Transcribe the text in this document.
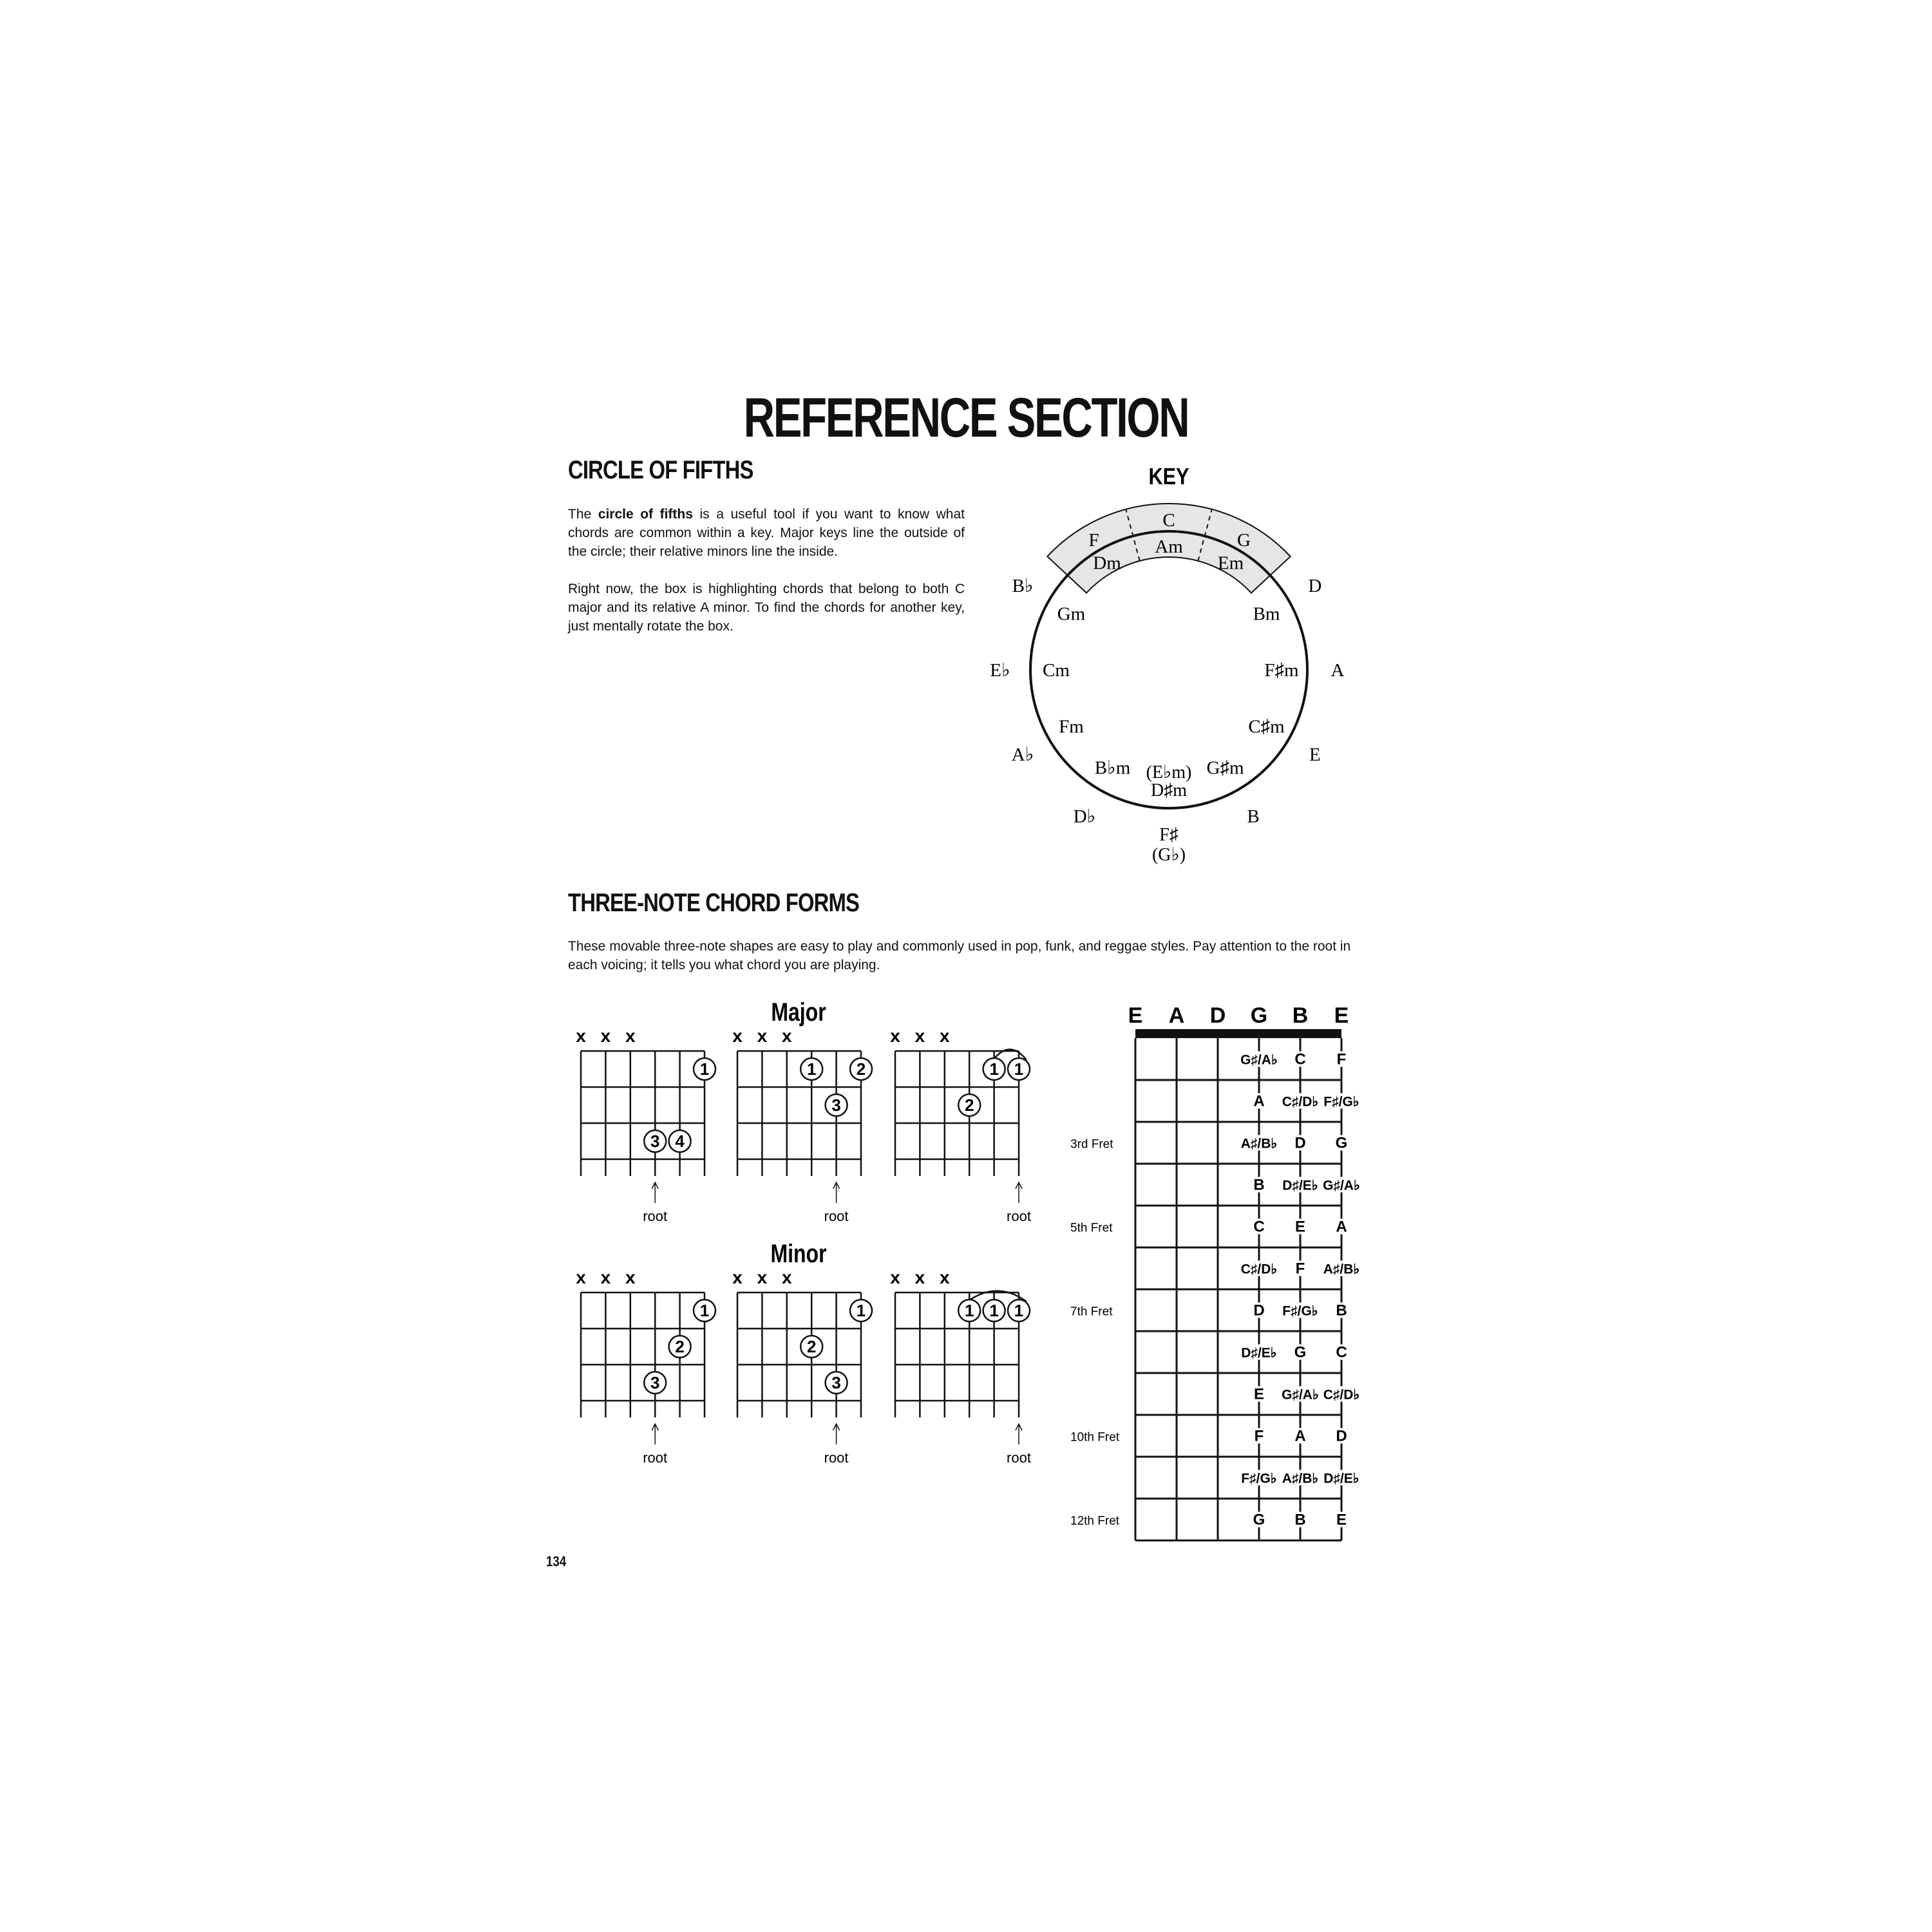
REFERENCE SECTION
CIRCLE OF FIFTHS

The circle of fifths is a useful tool if you want to know what chords are common within a key. Major keys line the outside of the circle; their relative minors line the inside.

Right now, the box is highlighting chords that belong to both C major and its relative A minor. To find the chords for another key, just mentally rotate the box.

THREE-NOTE CHORD FORMS

These movable three-note shapes are easy to play and commonly used in pop, funk, and reggae styles. Pay attention to the root in each voicing; it tells you what chord you are playing.

134
KEY
C
Am	G
Em
D
Bm
A
F♯m
E
C♯m
B
G♯m
F♯
(G♭)
(E♭m)
D♯m
D♭
B♭m
A♭
Fm
E♭ Cm
B♭
Gm
F
Dm
Major
Minor
x x x
1
3 4
root
x x x
1 2
3
root
x x x
1 1
2
root
x x x
1
2
3
root
x x x
1
2
3
root
x x x
1 1 1
root
E A D G B E
G♯/A♭ C F
A C♯/D♭ F♯/G♭
A♯/B♭ D G
B D♯/E♭ G♯/A♭
C E A
C♯/D♭ F A♯/B♭
D F♯/G♭ B
D♯/E♭ G C
E G♯/A♭ C♯/D♭
F A D
F♯/G♭ A♯/B♭ D♯/E♭
G B E
3rd Fret
5th Fret
7th Fret
10th Fret
12th Fret
